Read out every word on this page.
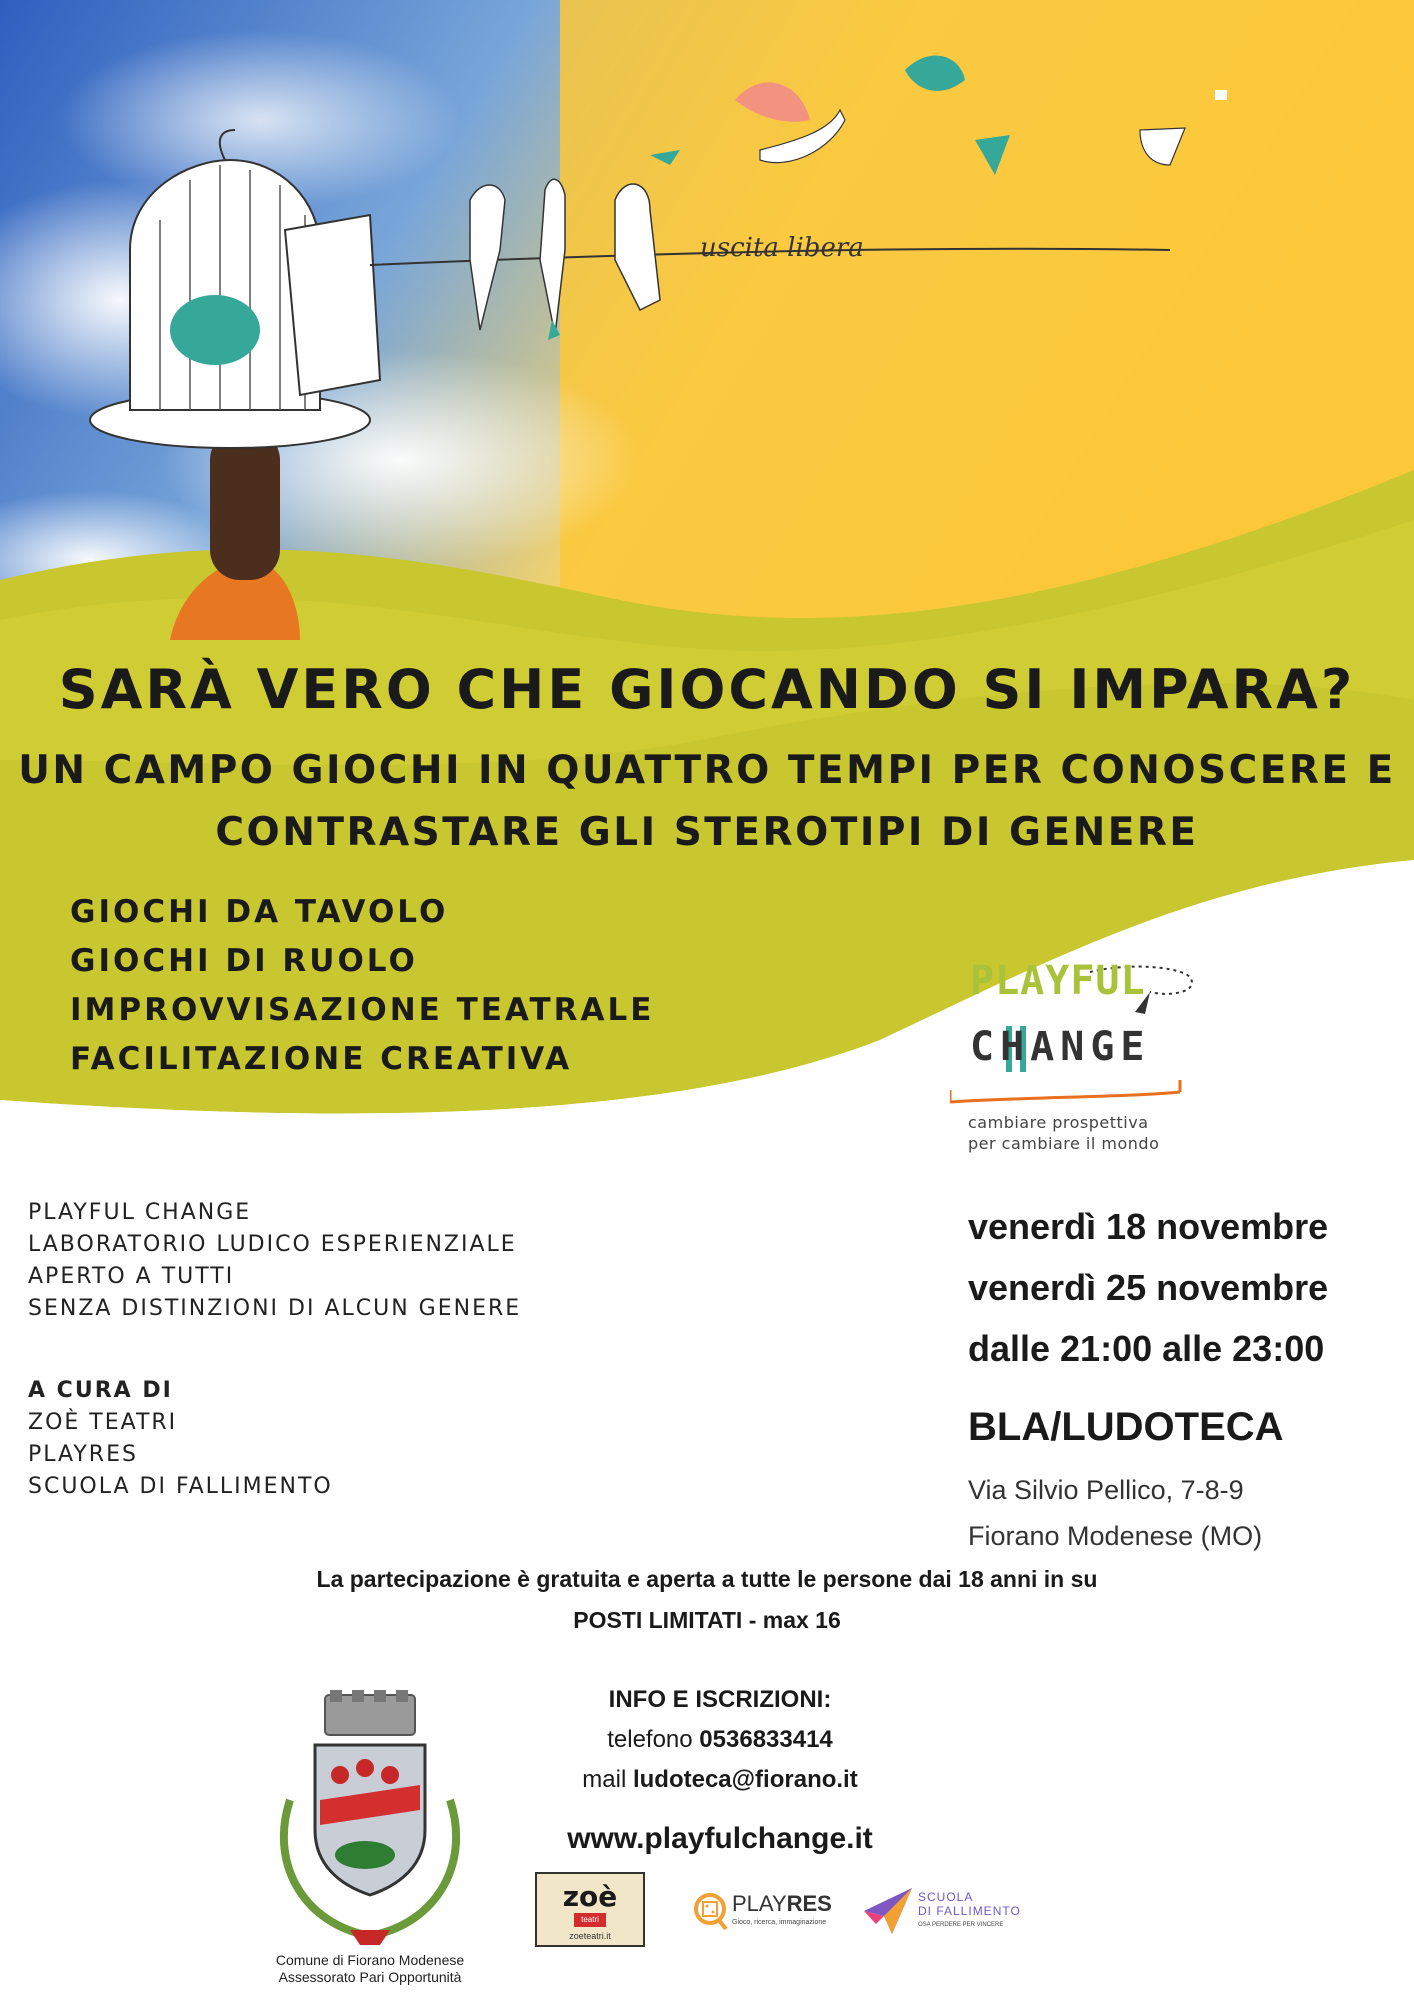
uscita libera
SARÀ VERO CHE GIOCANDO SI IMPARA?
UN CAMPO GIOCHI IN QUATTRO TEMPI PER CONOSCERE E
CONTRASTARE GLI STEROTIPI DI GENERE
GIOCHI DA TAVOLO
GIOCHI DI RUOLO
IMPROVVISAZIONE TEATRALE
FACILITAZIONE CREATIVA
PLAYFUL
CHANGE
cambiare prospettiva
per cambiare il mondo
PLAYFUL CHANGE
LABORATORIO LUDICO ESPERIENZIALE
APERTO A TUTTI
SENZA DISTINZIONI DI ALCUN GENERE
A CURA DI
ZOÈ TEATRI
PLAYRES
SCUOLA DI FALLIMENTO
venerdì 18 novembre
venerdì 25 novembre
dalle 21:00 alle 23:00
BLA/LUDOTECA
Via Silvio Pellico, 7-8-9
Fiorano Modenese (MO)
La partecipazione è gratuita e aperta a tutte le persone dai 18 anni in su
POSTI LIMITATI - max 16
INFO E ISCRIZIONI:
telefono 0536833414
mail ludoteca@fiorano.it
www.playfulchange.it
Comune di Fiorano Modenese
Assessorato Pari Opportunità
zoè
teatri
zoeteatri.it
PLAYRES
Gioco, ricerca, immaginazione
SCUOLA
DI FALLIMENTO
OSA PERDERE PER VINCERE
